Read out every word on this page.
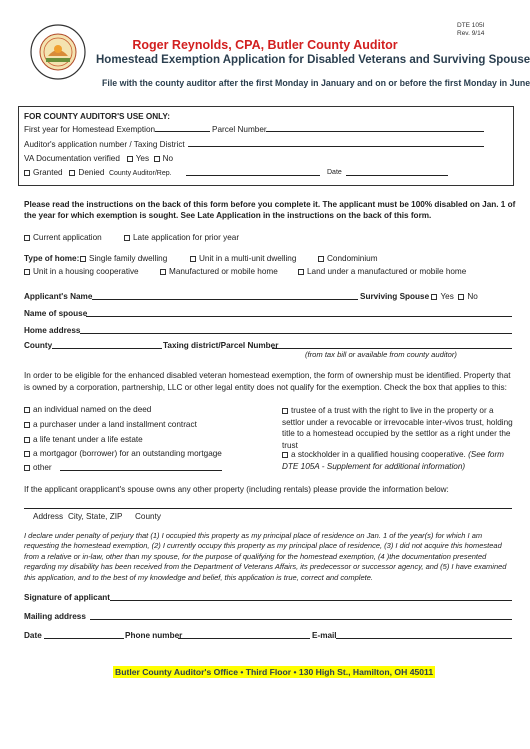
DTE 105I
Rev. 9/14
Roger Reynolds, CPA, Butler County Auditor
Homestead Exemption Application for Disabled Veterans and Surviving Spouse
File with the county auditor after the first Monday in January and on or before the first Monday in June
FOR COUNTY AUDITOR'S USE ONLY:
First year for Homestead Exemption	Parcel Number
Auditor's application number / Taxing District
VA Documentation verified Yes No
Granted Denied County Auditor/Rep.	Date
Please read the instructions on the back of this form before you complete it. The applicant must be 100% disabled on Jan. 1 of the year for which exemption is sought. See Late Application in the instructions on the back of this form.
Current application	Late application for prior year
Type of home:	Single family dwelling	Unit in a multi-unit dwelling	Condominium
Unit in a housing cooperative	Manufactured or mobile home	Land under a manufactured or mobile home
Applicant's Name	Surviving Spouse Yes No
Name of spouse
Home address
County	Taxing district/Parcel Number
(from tax bill or available from county auditor)
In order to be eligible for the enhanced disabled veteran homestead exemption, the form of ownership must be identified. Property that is owned by a corporation, partnership, LLC or other legal entity does not qualify for the exemption. Check the box that applies to this:
an individual named on the deed
a purchaser under a land installment contract
a life tenant under a life estate
a mortgagor (borrower) for an outstanding mortgage
other
trustee of a trust with the right to live in the property or a settlor under a revocable or irrevocable inter-vivos trust, holding title to a homestead occupied by the settlor as a right under the trust
a stockholder in a qualified housing cooperative. (See form DTE 105A - Supplement for additional information)
If the applicant orapplicant's spouse owns any other property (including rentals) please provide the information below:
Address City, State, ZIP County
I declare under penalty of perjury that (1) I occupied this property as my principal place of residence on Jan. 1 of the year(s) for which I am requesting the homestead exemption, (2) I currently occupy this property as my principal place of residence, (3) I did not acquire this homestead from a relative or in-law, other than my spouse, for the purpose of qualifying for the homestead exemption, (4 )the documentation presented regarding my disability has been received from the Department of Veterans Affairs, its predecessor or successor agency, and (5) I have examined this application, and to the best of my knowledge and belief, this application is true, correct and complete.
Signature of applicant
Mailing address
Date	Phone number	E-mail
Butler County Auditor's Office • Third Floor • 130 High St., Hamilton, OH 45011
